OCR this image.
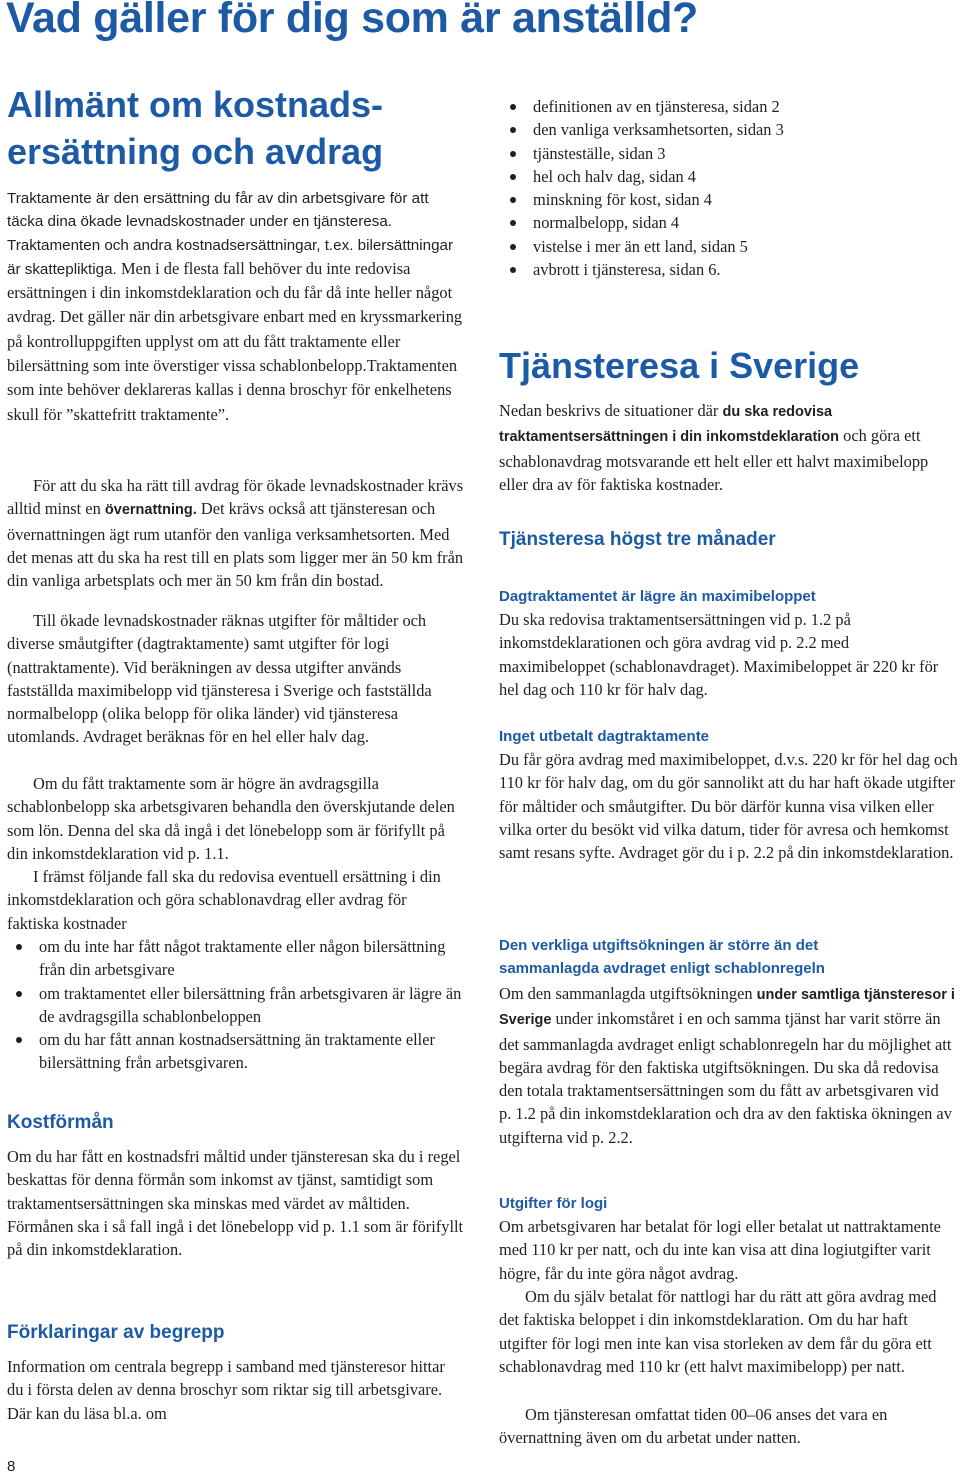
Vad gäller för dig som är anställd?
Allmänt om kostnads-
ersättning och avdrag

Traktamente är den ersättning du får av din arbetsgivare för att täcka dina ökade levnadskostnader under en tjänsteresa. Traktamenten och andra kostnadsersättningar, t.ex. bilersättningar är skattepliktiga. Men i de flesta fall behöver du inte redovisa ersättningen i din inkomstdeklaration och du får då inte heller något avdrag. Det gäller när din arbetsgivare enbart med en kryssmarkering på kontrolluppgiften upplyst om att du fått traktamente eller bilersättning som inte överstiger vissa schablonbelopp.Traktamenten som inte behöver deklareras kallas i denna broschyr för enkelhetens skull för ”skattefritt traktamente”.

För att du ska ha rätt till avdrag för ökade levnadskostnader krävs alltid minst en övernattning. Det krävs också att tjänsteresan och övernattningen ägt rum utanför den vanliga verksamhetsorten. Med det menas att du ska ha rest till en plats som ligger mer än 50 km från din vanliga arbetsplats och mer än 50 km från din bostad.

Till ökade levnadskostnader räknas utgifter för måltider och diverse småutgifter (dagtraktamente) samt utgifter för logi (nattraktamente). Vid beräkningen av dessa utgifter används fastställda maximibelopp vid tjänsteresa i Sverige och fastställda normalbelopp (olika belopp för olika länder) vid tjänsteresa utomlands. Avdraget beräknas för en hel eller halv dag.

Om du fått traktamente som är högre än avdragsgilla schablonbelopp ska arbetsgivaren behandla den överskjutande delen som lön. Denna del ska då ingå i det lönebelopp som är förifyllt på din inkomstdeklaration vid p. 1.1.

I främst följande fall ska du redovisa eventuell ersättning i din inkomstdeklaration och göra schablonavdrag eller avdrag för faktiska kostnader

om du inte har fått något traktamente eller någon bilersättning från din arbetsgivare
om traktamentet eller bilersättning från arbetsgivaren är lägre än de avdragsgilla schablonbeloppen
om du har fått annan kostnadsersättning än traktamente eller bilersättning från arbetsgivaren.
Kostförmån

Om du har fått en kostnadsfri måltid under tjänsteresan ska du i regel beskattas för denna förmån som inkomst av tjänst, samtidigt som traktamentsersättningen ska minskas med värdet av måltiden. Förmånen ska i så fall ingå i det lönebelopp vid p. 1.1 som är förifyllt på din inkomstdeklaration.

Förklaringar av begrepp

Information om centrala begrepp i samband med tjänsteresor hittar du i första delen av denna broschyr som riktar sig till arbetsgivare. Där kan du läsa bl.a. om

definitionen av en tjänsteresa, sidan 2
den vanliga verksamhetsorten, sidan 3
tjänsteställe, sidan 3
hel och halv dag, sidan 4
minskning för kost, sidan 4
normalbelopp, sidan 4
vistelse i mer än ett land, sidan 5
avbrott i tjänsteresa, sidan 6.
Tjänsteresa i Sverige

Nedan beskrivs de situationer där du ska redovisa traktamentsersättningen i din inkomstdeklaration och göra ett schablonavdrag motsvarande ett helt eller ett halvt maximibelopp eller dra av för faktiska kostnader.

Tjänsteresa högst tre månader
Dagtraktamentet är lägre än maximibeloppet

Du ska redovisa traktamentsersättningen vid p. 1.2 på inkomstdeklarationen och göra avdrag vid p. 2.2 med maximibeloppet (schablonavdraget). Maximibeloppet är 220 kr för hel dag och 110 kr för halv dag.

Inget utbetalt dagtraktamente

Du får göra avdrag med maximibeloppet, d.v.s. 220 kr för hel dag och 110 kr för halv dag, om du gör sannolikt att du har haft ökade utgifter för måltider och småutgifter. Du bör därför kunna visa vilken eller vilka orter du besökt vid vilka datum, tider för avresa och hemkomst samt resans syfte. Avdraget gör du i p. 2.2 på din inkomstdeklaration.

Den verkliga utgiftsökningen är större än det sammanlagda avdraget enligt schablonregeln

Om den sammanlagda utgiftsökningen under samtliga tjänsteresor i Sverige under inkomståret i en och samma tjänst har varit större än det sammanlagda avdraget enligt schablonregeln har du möjlighet att begära avdrag för den faktiska utgiftsökningen. Du ska då redovisa den totala traktamentsersättningen som du fått av arbetsgivaren vid p. 1.2 på din inkomstdeklaration och dra av den faktiska ökningen av utgifterna vid p. 2.2.

Utgifter för logi

Om arbetsgivaren har betalat för logi eller betalat ut nattraktamente med 110 kr per natt, och du inte kan visa att dina logiutgifter varit högre, får du inte göra något avdrag.

Om du själv betalat för nattlogi har du rätt att göra avdrag med det faktiska beloppet i din inkomstdeklaration. Om du har haft utgifter för logi men inte kan visa storleken av dem får du göra ett schablonavdrag med 110 kr (ett halvt maximibelopp) per natt.

Om tjänsteresan omfattat tiden 00–06 anses det vara en övernattning även om du arbetat under natten.

8
